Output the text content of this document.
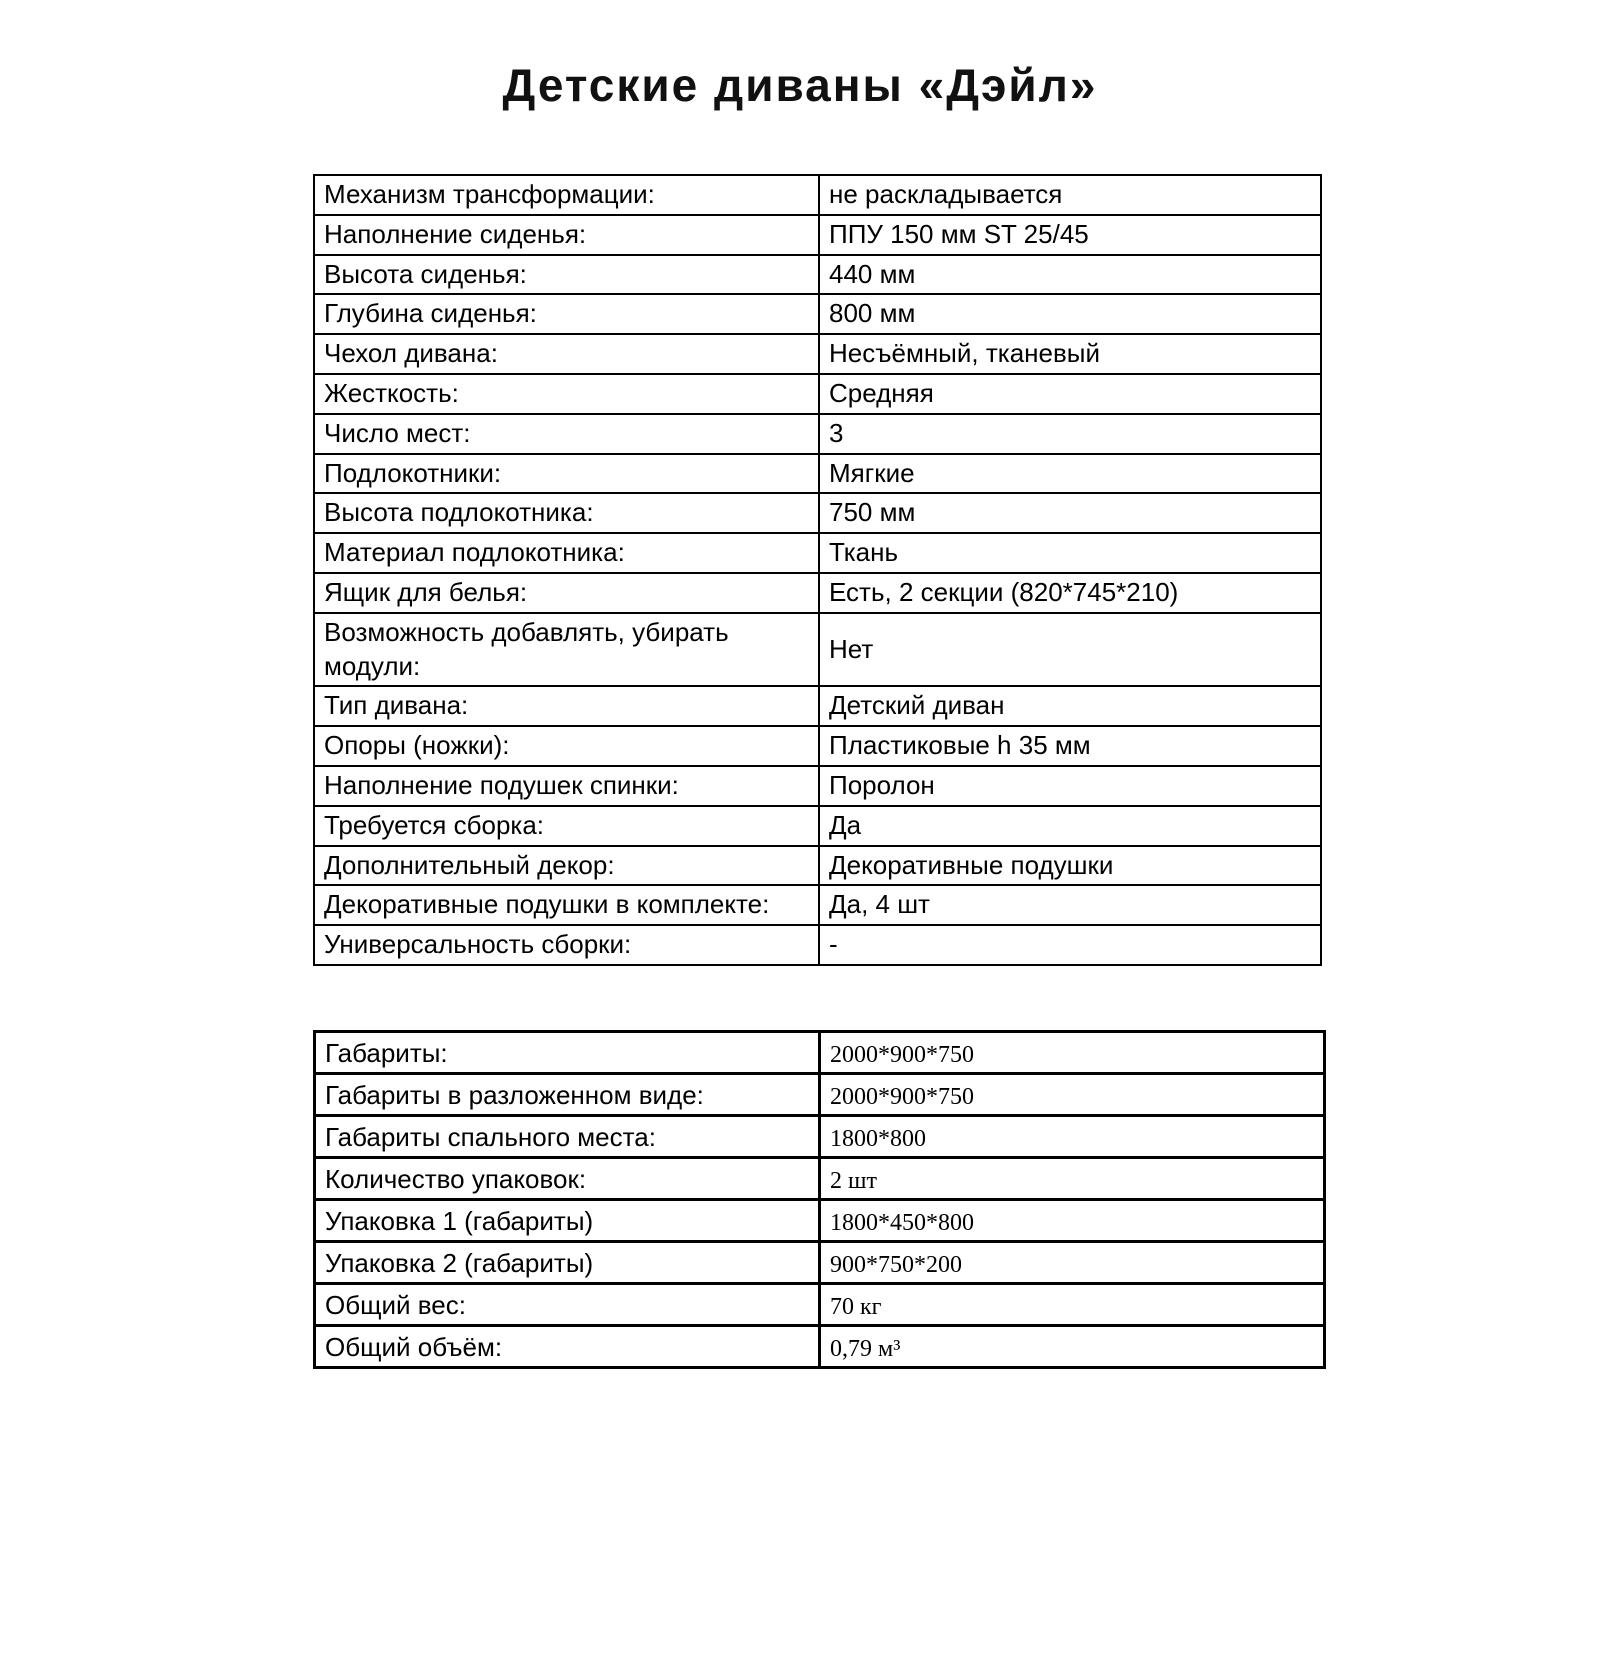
Детские диваны «Дэйл»
Механизм трансформации:	не раскладывается
Наполнение сиденья:	ППУ 150 мм ST 25/45
Высота сиденья:	440 мм
Глубина сиденья:	800 мм
Чехол дивана:	Несъёмный, тканевый
Жесткость:	Средняя
Число мест:	3
Подлокотники:	Мягкие
Высота подлокотника:	750 мм
Материал подлокотника:	Ткань
Ящик для белья:	Есть, 2 секции (820*745*210)
Возможность добавлять, убирать модули:	Нет
Тип дивана:	Детский диван
Опоры (ножки):	Пластиковые h 35 мм
Наполнение подушек спинки:	Поролон
Требуется сборка:	Да
Дополнительный декор:	Декоративные подушки
Декоративные подушки в комплекте:	Да, 4 шт
Универсальность сборки:	-
Габариты:	2000*900*750
Габариты в разложенном виде:	2000*900*750
Габариты спального места:	1800*800
Количество упаковок:	2 шт
Упаковка 1 (габариты)	1800*450*800
Упаковка 2 (габариты)	900*750*200
Общий вес:	70 кг
Общий объём:	0,79 м³
